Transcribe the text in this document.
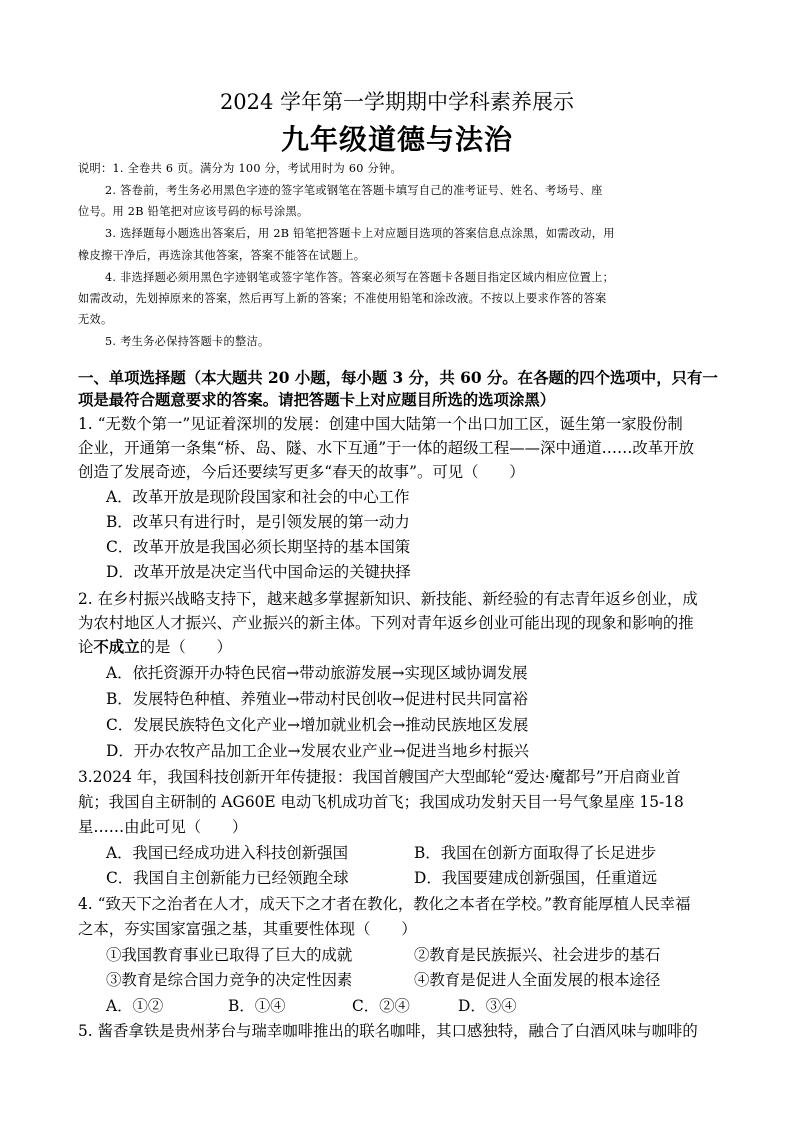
2024 学年第一学期期中学科素养展示
九年级道德与法治
说明：1. 全卷共 6 页。满分为 100 分，考试用时为 60 分钟。
2. 答卷前，考生务必用黑色字迹的签字笔或钢笔在答题卡填写自己的准考证号、姓名、考场号、座
位号。用 2B 铅笔把对应该号码的标号涂黑。
3. 选择题每小题选出答案后，用 2B 铅笔把答题卡上对应题目选项的答案信息点涂黑，如需改动，用
橡皮擦干净后，再选涂其他答案，答案不能答在试题上。
4. 非选择题必须用黑色字迹钢笔或签字笔作答。答案必须写在答题卡各题目指定区域内相应位置上；
如需改动，先划掉原来的答案，然后再写上新的答案；不准使用铅笔和涂改液。不按以上要求作答的答案
无效。
5. 考生务必保持答题卡的整洁。
一、单项选择题（本大题共 20 小题，每小题 3 分，共 60 分。在各题的四个选项中，只有一
项是最符合题意要求的答案。请把答题卡上对应题目所选的选项涂黑）
1. “无数个第一”见证着深圳的发展：创建中国大陆第一个出口加工区，诞生第一家股份制
企业，开通第一条集“桥、岛、隧、水下互通”于一体的超级工程——深中通道……改革开放
创造了发展奇迹，今后还要续写更多“春天的故事”。可见（　　）
A．改革开放是现阶段国家和社会的中心工作
B．改革只有进行时，是引领发展的第一动力
C．改革开放是我国必须长期坚持的基本国策
D．改革开放是决定当代中国命运的关键抉择
2. 在乡村振兴战略支持下，越来越多掌握新知识、新技能、新经验的有志青年返乡创业，成
为农村地区人才振兴、产业振兴的新主体。下列对青年返乡创业可能出现的现象和影响的推
论不成立的是（　　）
A．依托资源开办特色民宿→带动旅游发展→实现区域协调发展
B．发展特色种植、养殖业→带动村民创收→促进村民共同富裕
C．发展民族特色文化产业→增加就业机会→推动民族地区发展
D．开办农牧产品加工企业→发展农业产业→促进当地乡村振兴
3.2024 年，我国科技创新开年传捷报：我国首艘国产大型邮轮“爱达·魔都号”开启商业首
航；我国自主研制的 AG60E 电动飞机成功首飞；我国成功发射天目一号气象星座 15-18
星……由此可见（　　）
A．我国已经成功进入科技创新强国	B．我国在创新方面取得了长足进步
C．我国自主创新能力已经领跑全球	D．我国要建成创新强国，任重道远
4. “致天下之治者在人才，成天下之才者在教化，教化之本者在学校。”教育能厚植人民幸福
之本，夯实国家富强之基，其重要性体现（　　）
①我国教育事业已取得了巨大的成就	②教育是民族振兴、社会进步的基石
③教育是综合国力竞争的决定性因素	④教育是促进人全面发展的根本途径
A．①②	B．①④	C．②④	D．③④
5. 酱香拿铁是贵州茅台与瑞幸咖啡推出的联名咖啡，其口感独特，融合了白酒风味与咖啡的
